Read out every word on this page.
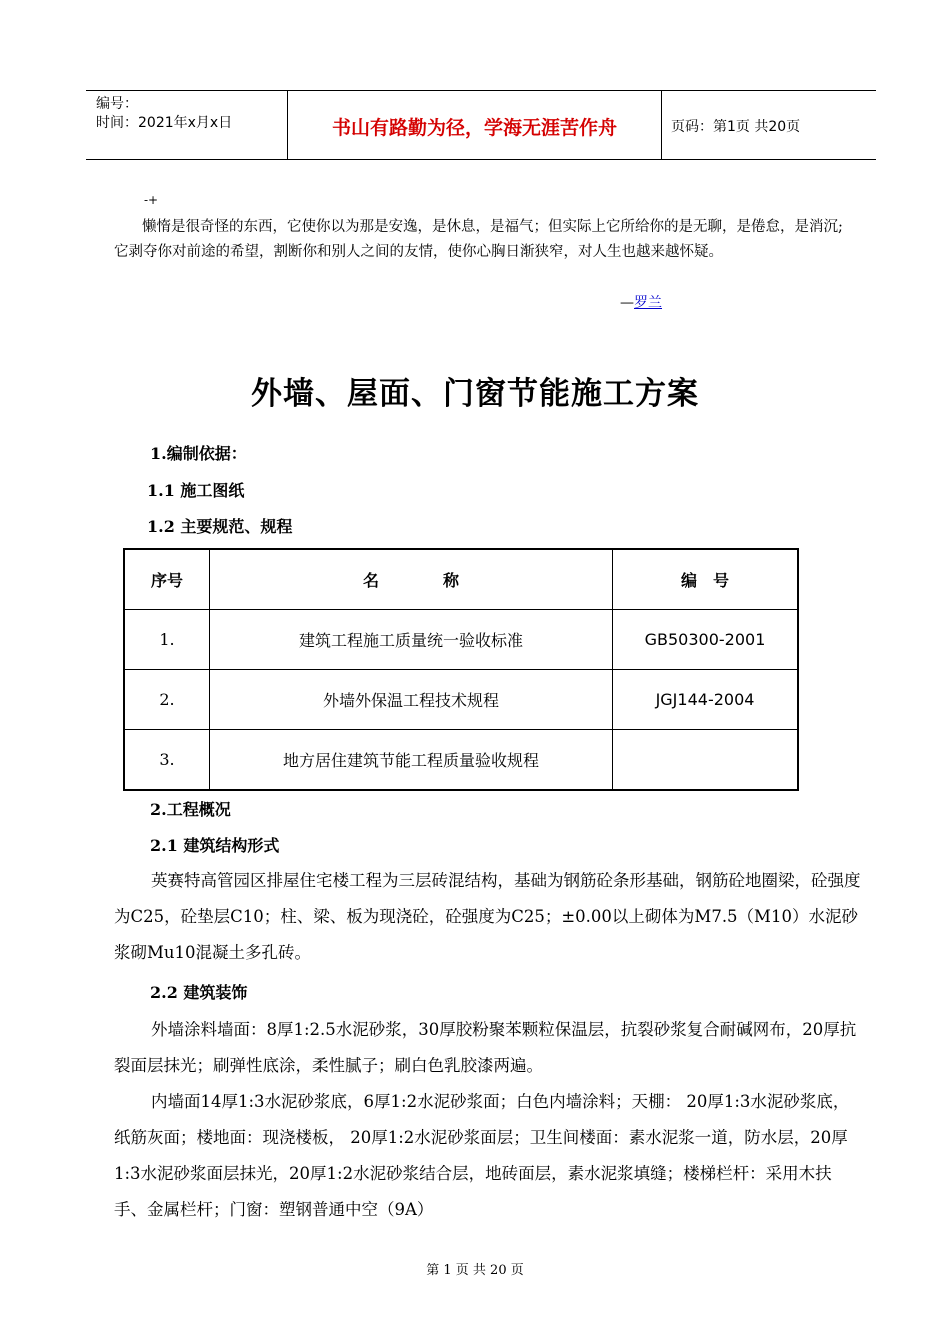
编号：
时间：2021年x月x日	书山有路勤为径，学海无涯苦作舟	页码：第1页 共20页
-+
懒惰是很奇怪的东西，它使你以为那是安逸，是休息，是福气；但实际上它所给你的是无聊，是倦怠，是消沉;它剥夺你对前途的希望，割断你和别人之间的友情，使你心胸日渐狭窄，对人生也越来越怀疑。
—罗兰
外墙、屋面、门窗节能施工方案
1.编制依据：
1.1 施工图纸
1.2 主要规范、规程
序号	名　　　　称	编　号
1.	建筑工程施工质量统一验收标准	GB50300-2001
2.	外墙外保温工程技术规程	JGJ144-2004
3.	地方居住建筑节能工程质量验收规程	
2.工程概况
2.1 建筑结构形式
英赛特高管园区排屋住宅楼工程为三层砖混结构，基础为钢筋砼条形基础，钢筋砼地圈梁，砼强度为C25，砼垫层C10；柱、梁、板为现浇砼，砼强度为C25；±0.00以上砌体为M7.5（M10）水泥砂浆砌Mu10混凝土多孔砖。
2.2 建筑装饰
外墙涂料墙面：8厚1:2.5水泥砂浆，30厚胶粉聚苯颗粒保温层，抗裂砂浆复合耐碱网布，20厚抗裂面层抹光；刷弹性底涂，柔性腻子；刷白色乳胶漆两遍。
内墙面14厚1:3水泥砂浆底，6厚1:2水泥砂浆面；白色内墙涂料；天棚： 20厚1:3水泥砂浆底，纸筋灰面；楼地面：现浇楼板， 20厚1:2水泥砂浆面层；卫生间楼面：素水泥浆一道，防水层，20厚1:3水泥砂浆面层抹光，20厚1:2水泥砂浆结合层，地砖面层，素水泥浆填缝；楼梯栏杆：采用木扶手、金属栏杆；门窗：塑钢普通中空（9A）
第 1 页 共 20 页
